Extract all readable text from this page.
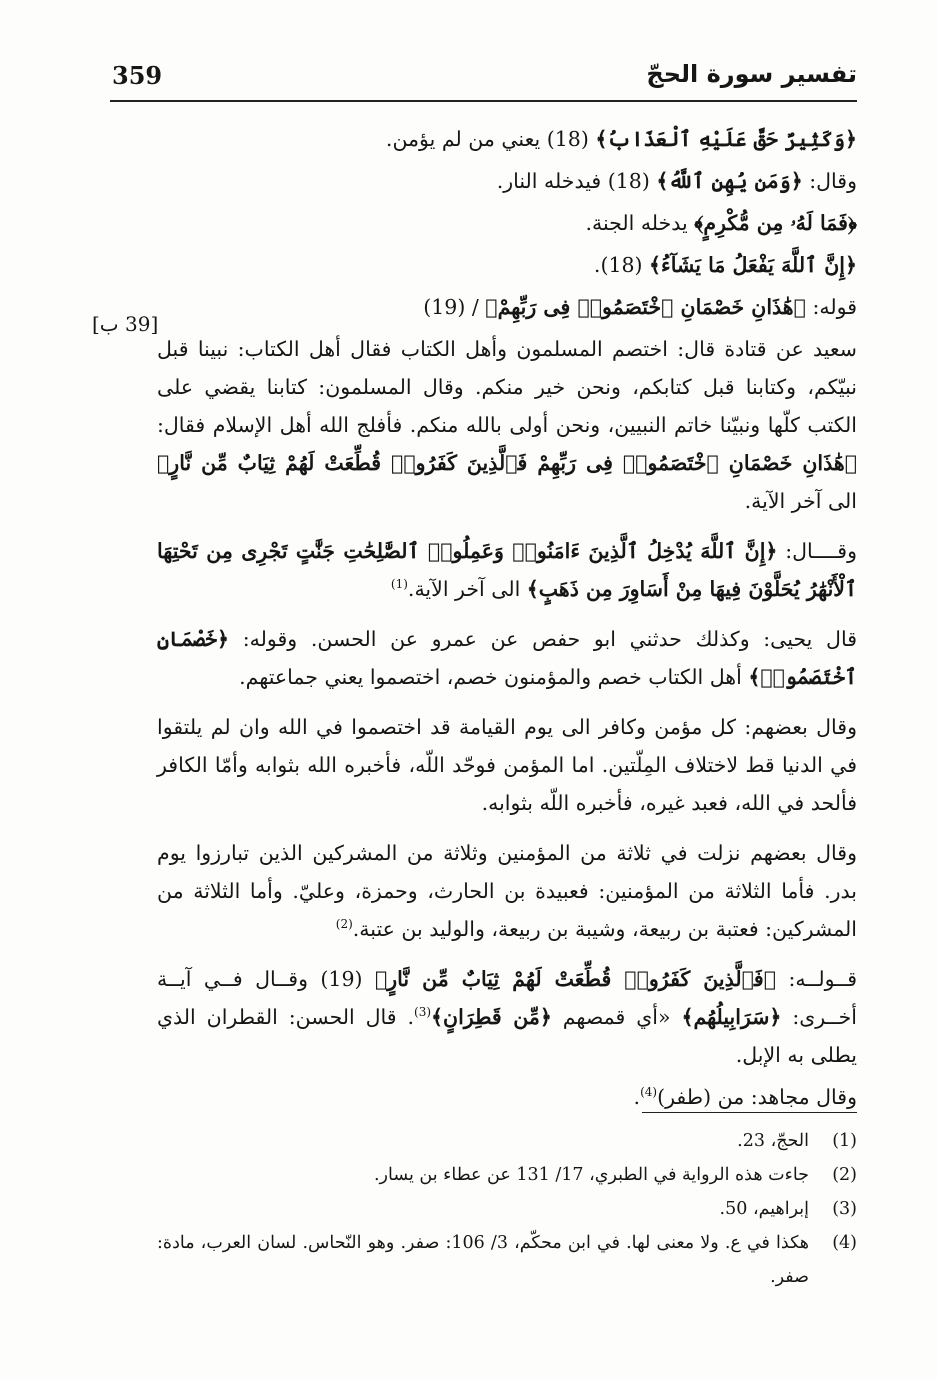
تفسير سورة الحجّ
359
[39 ب]

﴿وَكَثِيرٌ حَقَّ عَلَيْهِ ٱلْعَذَابُ﴾ (18) يعني من لم يؤمن.

وقال: ﴿وَمَن يُهِنِ ٱللَّهُ﴾ (18) فيدخله النار.

﴿فَمَا لَهُۥ مِن مُّكْرِمٍ﴾ يدخله الجنة.

﴿إِنَّ ٱللَّهَ يَفْعَلُ مَا يَشَآءُ﴾ (18).

قوله: ﴿هَٰذَانِ خَصْمَانِ ٱخْتَصَمُوا۟ فِى رَبِّهِمْ﴾ / (19)

سعيد عن قتادة قال: اختصم المسلمون وأهل الكتاب فقال أهل الكتاب: نبينا قبل نبيّكم، وكتابنا قبل كتابكم، ونحن خير منكم. وقال المسلمون: كتابنا يقضي على الكتب كلّها ونبيّنا خاتم النبيين، ونحن أولى بالله منكم. فأفلج الله أهل الإسلام فقال: ﴿هَٰذَانِ خَصْمَانِ ٱخْتَصَمُوا۟ فِى رَبِّهِمْ فَٱلَّذِينَ كَفَرُوا۟ قُطِّعَتْ لَهُمْ ثِيَابٌ مِّن نَّارٍ﴾ الى آخر الآية.

وقــــال: ﴿إِنَّ ٱللَّهَ يُدْخِلُ ٱلَّذِينَ ءَامَنُوا۟ وَعَمِلُوا۟ ٱلصَّٰلِحَٰتِ جَنَّٰتٍ تَجْرِى مِن تَحْتِهَا ٱلْأَنْهَٰرُ يُحَلَّوْنَ فِيهَا مِنْ أَسَاوِرَ مِن ذَهَبٍ﴾ الى آخر الآية.$^{(1)}$

قال يحيى: وكذلك حدثني ابو حفص عن عمرو عن الحسن. وقوله: ﴿خَصْمَانِ ٱخْتَصَمُوا۟﴾ أهل الكتاب خصم والمؤمنون خصم، اختصموا يعني جماعتهم.

وقال بعضهم: كل مؤمن وكافر الى يوم القيامة قد اختصموا في الله وان لم يلتقوا في الدنيا قط لاختلاف المِلّتين. اما المؤمن فوحّد اللّه، فأخبره الله بثوابه وأمّا الكافر فألحد في الله، فعبد غيره، فأخبره اللّه بثوابه.

وقال بعضهم نزلت في ثلاثة من المؤمنين وثلاثة من المشركين الذين تبارزوا يوم بدر. فأما الثلاثة من المؤمنين: فعبيدة بن الحارث، وحمزة، وعليّ. وأما الثلاثة من المشركين: فعتبة بن ربيعة، وشيبة بن ربيعة، والوليد بن عتبة.$^{(2)}$

قــولــه: ﴿فَٱلَّذِينَ كَفَرُوا۟ قُطِّعَتْ لَهُمْ ثِيَابٌ مِّن نَّارٍ﴾ (19) وقــال فــي آيــة أخــرى: ﴿سَرَابِيلُهُم﴾ «أي قمصهم ﴿مِّن قَطِرَانٍ﴾$^{(3)}$. قال الحسن: القطران الذي يطلى به الإبل.

وقال مجاهد: من (طفر)$^{(4)}$.

(1)
الحجّ، 23.
(2)
جاءت هذه الرواية في الطبري، 17/ 131 عن عطاء بن يسار.
(3)
إبراهيم، 50.
(4)
هكذا في ع. ولا معنى لها. في ابن محكّم، 3/ 106: صفر. وهو النّحاس. لسان العرب، مادة: صفر.
